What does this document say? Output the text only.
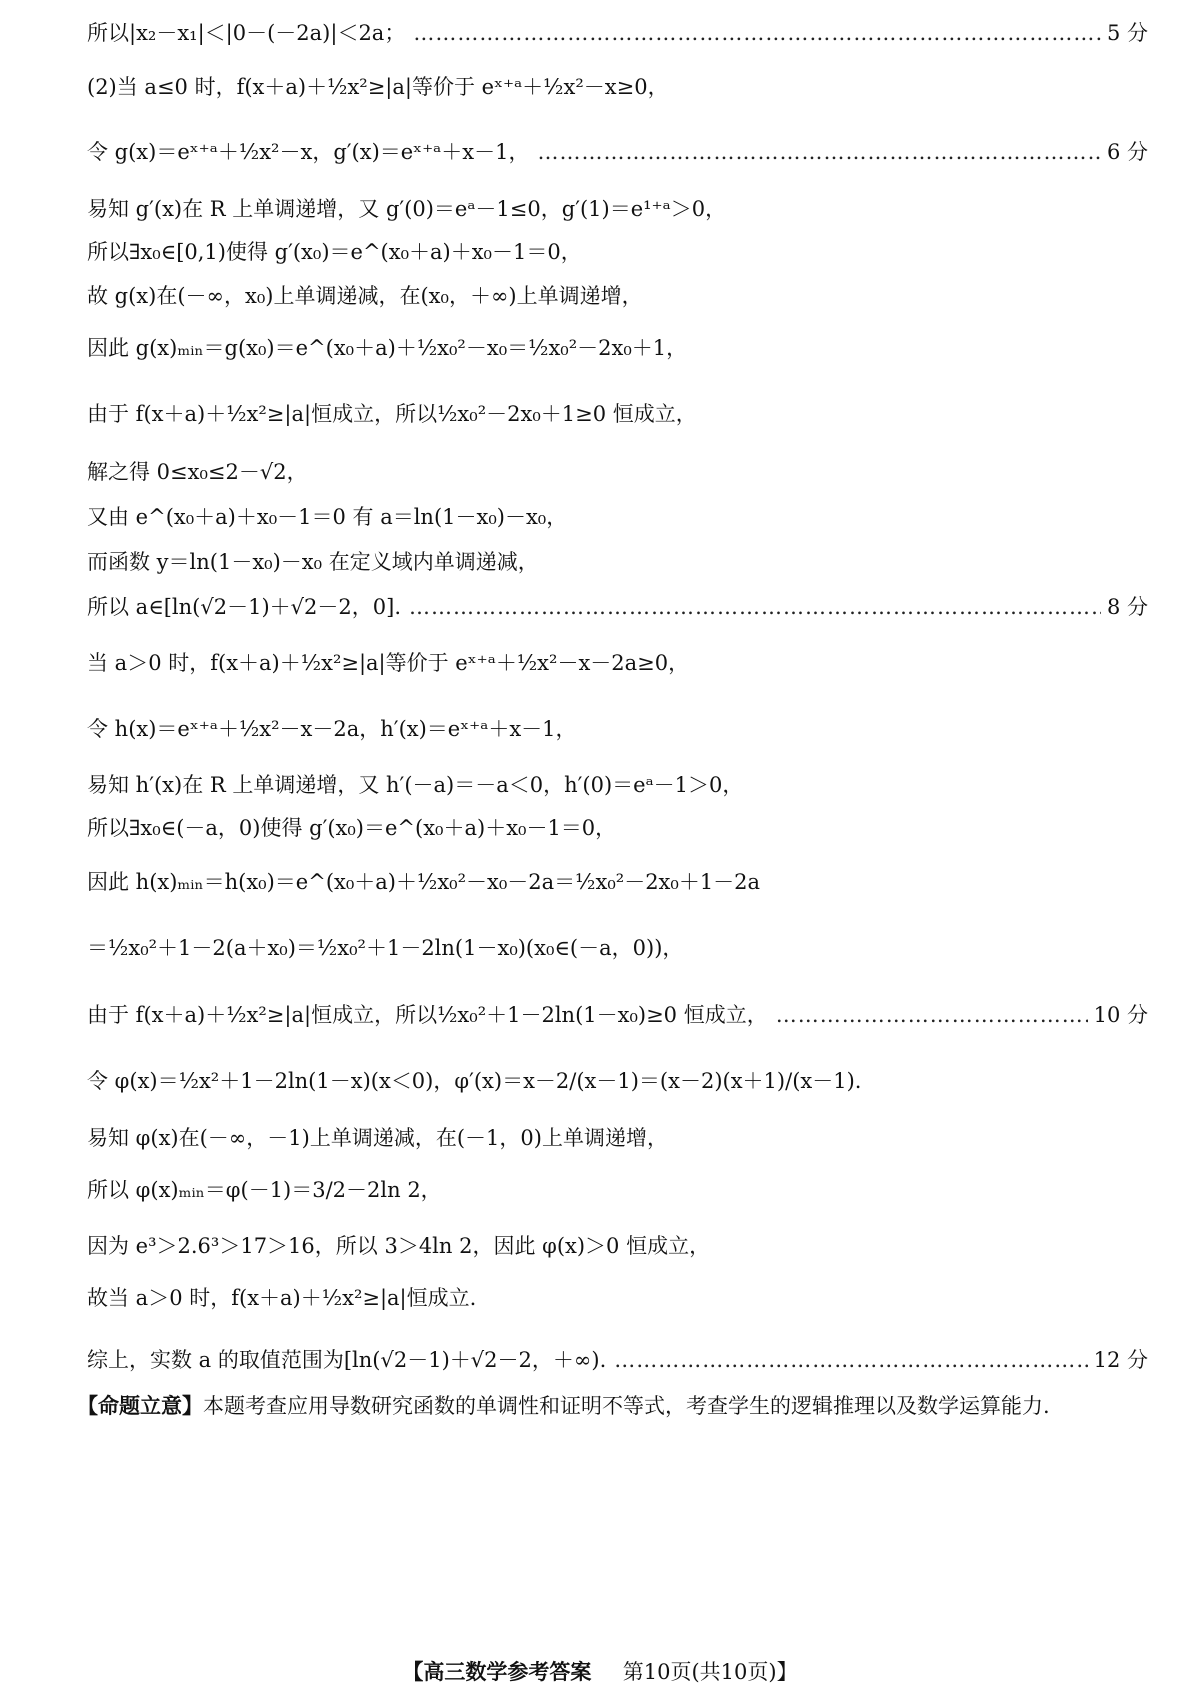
所以|x₂－x₁|＜|0－(－2a)|＜2a； …………………………………………………………………………………………………………………………………………………………………………………………………………………………	5 分
(2)当 a≤0 时，f(x＋a)＋½x²≥|a|等价于 eˣ⁺ᵃ＋½x²－x≥0，
令 g(x)＝eˣ⁺ᵃ＋½x²－x，g′(x)＝eˣ⁺ᵃ＋x－1， …………………………………………………………………………………………………………………………………………………………………………………………………………………………	6 分
易知 g′(x)在 R 上单调递增，又 g′(0)＝eᵃ－1≤0，g′(1)＝e¹⁺ᵃ＞0，
所以∃x₀∈[0,1)使得 g′(x₀)＝e^(x₀＋a)＋x₀－1＝0，
故 g(x)在(－∞，x₀)上单调递减，在(x₀，＋∞)上单调递增，
因此 g(x)ₘᵢₙ＝g(x₀)＝e^(x₀＋a)＋½x₀²－x₀＝½x₀²－2x₀＋1，
由于 f(x＋a)＋½x²≥|a|恒成立，所以½x₀²－2x₀＋1≥0 恒成立，
解之得 0≤x₀≤2－√2，
又由 e^(x₀＋a)＋x₀－1＝0 有 a＝ln(1－x₀)－x₀，
而函数 y＝ln(1－x₀)－x₀ 在定义域内单调递减，
所以 a∈[ln(√2－1)＋√2－2，0]. …………………………………………………………………………………………………………………………………………………………………………………………………………………………	8 分
当 a＞0 时，f(x＋a)＋½x²≥|a|等价于 eˣ⁺ᵃ＋½x²－x－2a≥0，
令 h(x)＝eˣ⁺ᵃ＋½x²－x－2a，h′(x)＝eˣ⁺ᵃ＋x－1，
易知 h′(x)在 R 上单调递增，又 h′(－a)＝－a＜0，h′(0)＝eᵃ－1＞0，
所以∃x₀∈(－a，0)使得 g′(x₀)＝e^(x₀＋a)＋x₀－1＝0，
因此 h(x)ₘᵢₙ＝h(x₀)＝e^(x₀＋a)＋½x₀²－x₀－2a＝½x₀²－2x₀＋1－2a
＝½x₀²＋1－2(a＋x₀)＝½x₀²＋1－2ln(1－x₀)(x₀∈(－a，0))，
由于 f(x＋a)＋½x²≥|a|恒成立，所以½x₀²＋1－2ln(1－x₀)≥0 恒成立， …………………………………………………………………………………………………………………………………………………………………………………………………………………………	10 分
令 φ(x)＝½x²＋1－2ln(1－x)(x＜0)，φ′(x)＝x－2/(x－1)＝(x－2)(x＋1)/(x－1).
易知 φ(x)在(－∞，－1)上单调递减，在(－1，0)上单调递增，
所以 φ(x)ₘᵢₙ＝φ(－1)＝3/2－2ln 2，
因为 e³＞2.6³＞17＞16，所以 3＞4ln 2，因此 φ(x)＞0 恒成立，
故当 a＞0 时，f(x＋a)＋½x²≥|a|恒成立.
综上，实数 a 的取值范围为[ln(√2－1)＋√2－2，＋∞). …………………………………………………………………………………………………………………………………………………………………………………………………………………………	12 分
【命题立意】本题考查应用导数研究函数的单调性和证明不等式，考查学生的逻辑推理以及数学运算能力.
【高三数学参考答案 第10页(共10页)】
